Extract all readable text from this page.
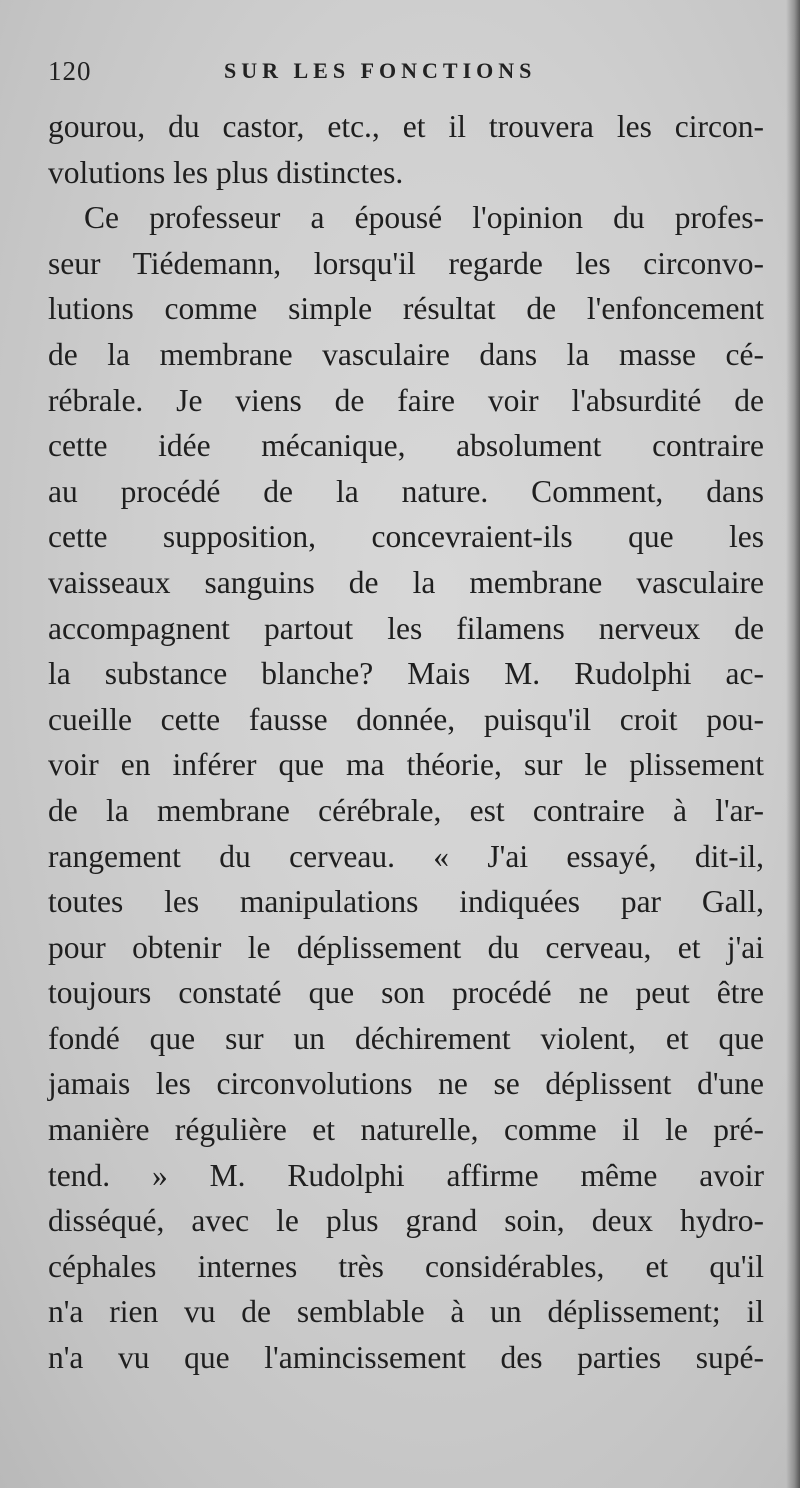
120	SUR LES FONCTIONS
gourou, du castor, etc., et il trouvera les circon-
volutions les plus distinctes.
Ce professeur a épousé l'opinion du profes-
seur Tiédemann, lorsqu'il regarde les circonvo-
lutions comme simple résultat de l'enfoncement
de la membrane vasculaire dans la masse cé-
rébrale. Je viens de faire voir l'absurdité de
cette idée mécanique, absolument contraire
au procédé de la nature. Comment, dans
cette supposition, concevraient-ils que les
vaisseaux sanguins de la membrane vasculaire
accompagnent partout les filamens nerveux de
la substance blanche? Mais M. Rudolphi ac-
cueille cette fausse donnée, puisqu'il croit pou-
voir en inférer que ma théorie, sur le plissement
de la membrane cérébrale, est contraire à l'ar-
rangement du cerveau. « J'ai essayé, dit-il,
toutes les manipulations indiquées par Gall,
pour obtenir le déplissement du cerveau, et j'ai
toujours constaté que son procédé ne peut être
fondé que sur un déchirement violent, et que
jamais les circonvolutions ne se déplissent d'une
manière régulière et naturelle, comme il le pré-
tend. » M. Rudolphi affirme même avoir
disséqué, avec le plus grand soin, deux hydro-
céphales internes très considérables, et qu'il
n'a rien vu de semblable à un déplissement; il
n'a vu que l'amincissement des parties supé-
